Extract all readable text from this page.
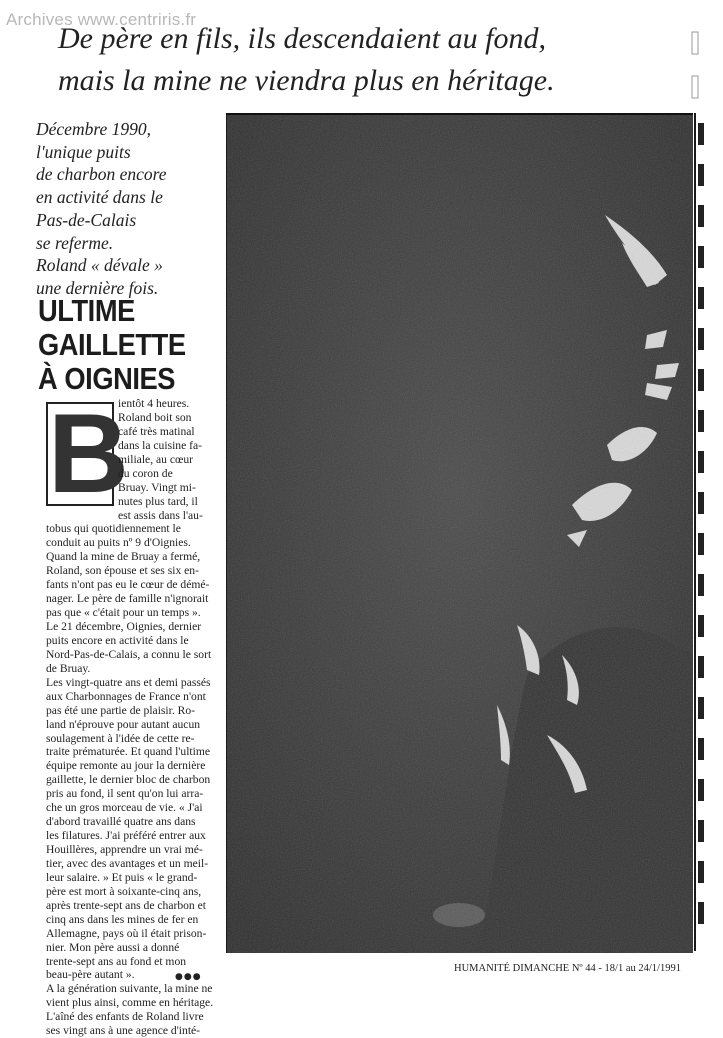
Archives www.centriris.fr
De père en fils, ils descendaient au fond,
mais la mine ne viendra plus en héritage.
Décembre 1990,
l'unique puits
de charbon encore
en activité dans le
Pas-de-Calais
se referme.
Roland « dévale »
une dernière fois.
ULTIME
GAILLETTE
À OIGNIES
B
ientôt 4 heures.
Roland boit son
café très matinal
dans la cuisine fa-
miliale, au cœur
du coron de
Bruay. Vingt mi-
nutes plus tard, il
est assis dans l'au-
tobus qui quotidiennement le
conduit au puits nº 9 d'Oignies.
Quand la mine de Bruay a fermé,
Roland, son épouse et ses six en-
fants n'ont pas eu le cœur de démé-
nager. Le père de famille n'ignorait
pas que « c'était pour un temps ».
Le 21 décembre, Oignies, dernier
puits encore en activité dans le
Nord-Pas-de-Calais, a connu le sort
de Bruay.
Les vingt-quatre ans et demi passés
aux Charbonnages de France n'ont
pas été une partie de plaisir. Ro-
land n'éprouve pour autant aucun
soulagement à l'idée de cette re-
traite prématurée. Et quand l'ultime
équipe remonte au jour la dernière
gaillette, le dernier bloc de charbon
pris au fond, il sent qu'on lui arra-
che un gros morceau de vie. « J'ai
d'abord travaillé quatre ans dans
les filatures. J'ai préféré entrer aux
Houillères, apprendre un vrai mé-
tier, avec des avantages et un meil-
leur salaire. » Et puis « le grand-
père est mort à soixante-cinq ans,
après trente-sept ans de charbon et
cinq ans dans les mines de fer en
Allemagne, pays où il était prison-
nier. Mon père aussi a donné
trente-sept ans au fond et mon
beau-père autant ».
A la génération suivante, la mine ne
vient plus ainsi, comme en héritage.
L'aîné des enfants de Roland livre
ses vingt ans à une agence d'inté-
●●●
HUMANITÉ DIMANCHE Nº 44 - 18/1 au 24/1/1991
